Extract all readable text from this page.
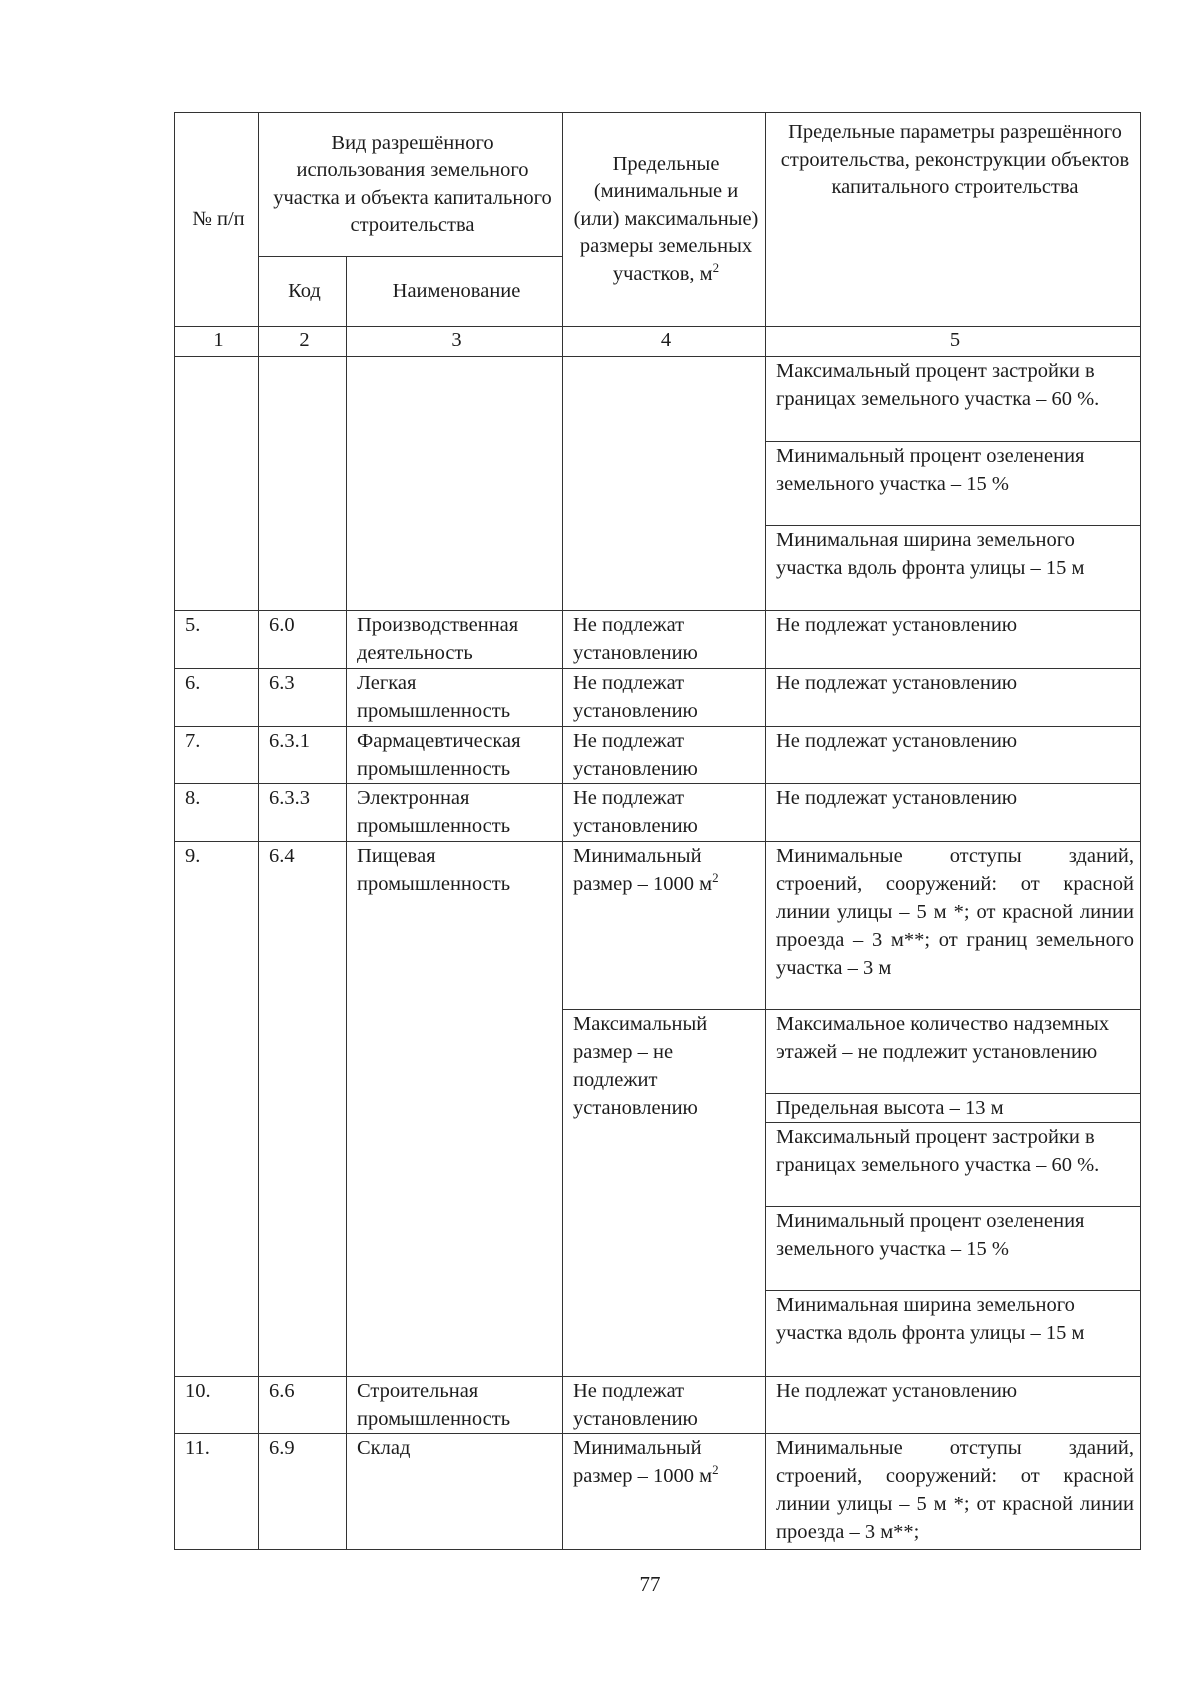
№ п/п	Вид разрешённого использования земельного участка и объекта капитального строительства		Предельные (минимальные и (или) максимальные) размеры земельных участков, $м^2$	Предельные параметры разрешённого строительства, реконструкции объектов капитального строительства
	Код	Наименование		
1	2	3	4	5
				Максимальный процент застройки в границах земельного участка – 60 %.
				Минимальный процент озеленения земельного участка – 15 %
				Минимальная ширина земельного участка вдоль фронта улицы – 15 м
5.	6.0	Производственная деятельность	Не подлежат установлению	Не подлежат установлению
6.	6.3	Легкая промышленность	Не подлежат установлению	Не подлежат установлению
7.	6.3.1	Фармацевтическая промышленность	Не подлежат установлению	Не подлежат установлению
8.	6.3.3	Электронная промышленность	Не подлежат установлению	Не подлежат установлению
9.	6.4	Пищевая промышленность	Минимальный размер – 1000 $м^2$	Минимальные отступы зданий, строений, сооружений: от красной линии улицы – 5 м *; от красной линии проезда – 3 м**; от границ земельного участка – 3 м
			Максимальный размер – не подлежит установлению	Максимальное количество надземных этажей – не подлежит установлению
				Предельная высота – 13 м
				Максимальный процент застройки в границах земельного участка – 60 %.
				Минимальный процент озеленения земельного участка – 15 %
				Минимальная ширина земельного участка вдоль фронта улицы – 15 м
10.	6.6	Строительная промышленность	Не подлежат установлению	Не подлежат установлению
11.	6.9	Склад	Минимальный размер – 1000 $м^2$	Минимальные отступы зданий, строений, сооружений: от красной линии улицы – 5 м *; от красной линии проезда – 3 м**;
77
